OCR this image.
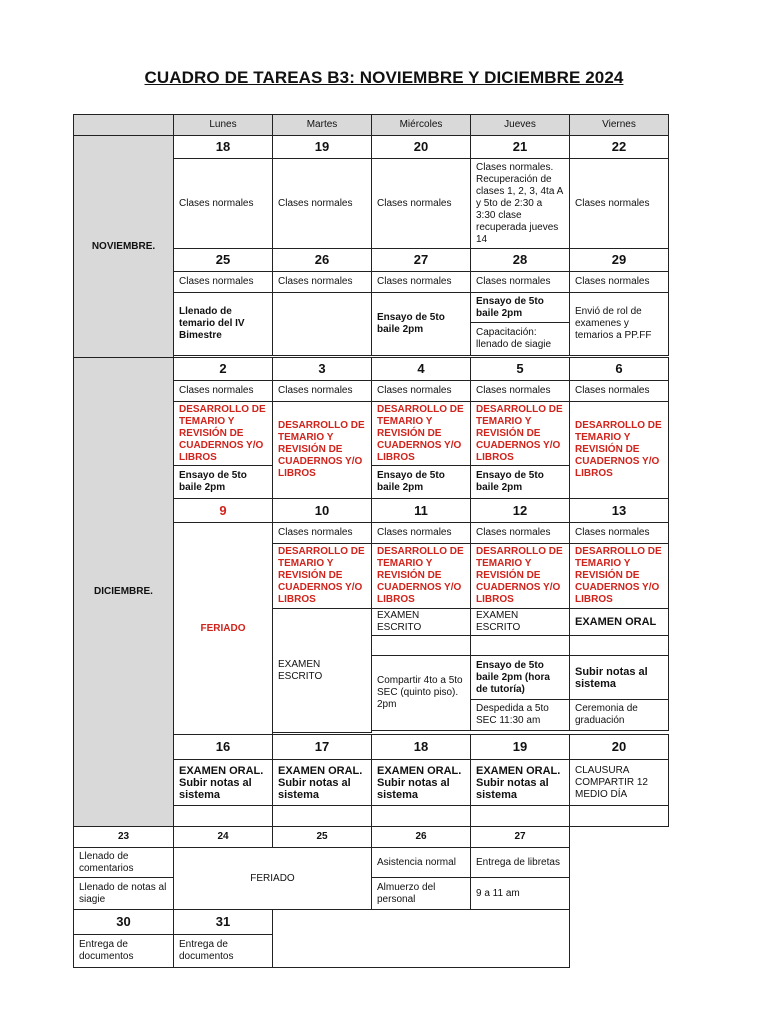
CUADRO DE TAREAS B3: NOVIEMBRE Y DICIEMBRE 2024
	Lunes	Martes	Miércoles	Jueves	Viernes
NOVIEMBRE.	18	19	20	21	22
	Clases normales	Clases normales	Clases normales	Clases normales. Recuperación de clases 1, 2, 3, 4ta A y 5to de 2:30 a 3:30 clase recuperada jueves 14	Clases normales
	25	26	27	28	29
	Clases normales	Clases normales	Clases normales	Clases normales	Clases normales
	Llenado de temario del IV Bimestre		Ensayo de 5to baile 2pm	Ensayo de 5to baile 2pm	Envió de rol de examenes y temarios a PP.FF
				Capacitación: llenado de siagie	

DICIEMBRE.	2	3	4	5	6
	Clases normales	Clases normales	Clases normales	Clases normales	Clases normales
	DESARROLLO DE TEMARIO Y REVISIÓN DE CUADERNOS Y/O LIBROS	DESARROLLO DE TEMARIO Y REVISIÓN DE CUADERNOS Y/O LIBROS	DESARROLLO DE TEMARIO Y REVISIÓN DE CUADERNOS Y/O LIBROS	DESARROLLO DE TEMARIO Y REVISIÓN DE CUADERNOS Y/O LIBROS	DESARROLLO DE TEMARIO Y REVISIÓN DE CUADERNOS Y/O LIBROS
	Ensayo de 5to baile 2pm		Ensayo de 5to baile 2pm	Ensayo de 5to baile 2pm	
	9	10	11	12	13
	FERIADO	Clases normales	Clases normales	Clases normales	Clases normales
		DESARROLLO DE TEMARIO Y REVISIÓN DE CUADERNOS Y/O LIBROS	DESARROLLO DE TEMARIO Y REVISIÓN DE CUADERNOS Y/O LIBROS	DESARROLLO DE TEMARIO Y REVISIÓN DE CUADERNOS Y/O LIBROS	DESARROLLO DE TEMARIO Y REVISIÓN DE CUADERNOS Y/O LIBROS
		EXAMEN ESCRITO	EXAMEN ESCRITO	EXAMEN ESCRITO	EXAMEN ORAL

			Compartir 4to a 5to SEC (quinto piso). 2pm	Ensayo de 5to baile 2pm (hora de tutoría)	Subir notas al sistema
				Despedida a 5to SEC 11:30 am	Ceremonia de graduación

	16	17	18	19	20
	EXAMEN ORAL. Subir notas al sistema	EXAMEN ORAL. Subir notas al sistema	EXAMEN ORAL. Subir notas al sistema	EXAMEN ORAL. Subir notas al sistema	CLAUSURA COMPARTIR 12 MEDIO DÍA

23	24	25	26	27	
Llenado de comentarios	FERIADO		Asistencia normal	Entrega de libretas	
Llenado de notas al siagie			Almuerzo del personal	9 a 11 am	
30	31				
Entrega de documentos	Entrega de documentos				
